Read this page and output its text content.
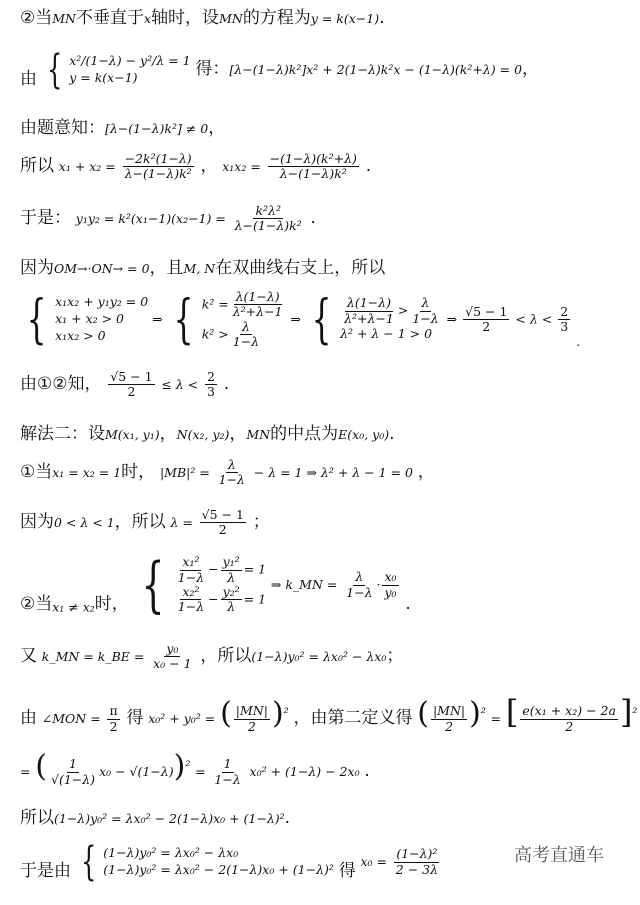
②当MN不垂直于x轴时，设MN的方程为y = k(x−1).
由 { x²/(1−λ) − y²/λ = 1
y = k(x−1)	得：[λ−(1−λ)k²]x² + 2(1−λ)k²x − (1−λ)(k²+λ) = 0，
由题意知：[λ−(1−λ)k²] ≠ 0，
所以 $x_1 + x_2 = \frac{\text{−2k²(1−λ)}}{\text{λ−(1−λ)k²}}$ ， $x_1x_2 = \frac{\text{−(1−λ)(k²+λ)}}{\text{λ−(1−λ)k²}}$ .
于是： $y_1y_2 = k^2(x_1-1)(x_2-1) = \frac{\text{k²λ²}}{\text{λ−(1−λ)k²}}$ .
因为OM→·ON→ = 0，且M, N在双曲线右支上，所以
{ x₁x₂ + y₁y₂ = 0
x₁ + x₂ > 0
x₁x₂ > 0
⇒ { $k^2 = \frac{\lambda(1-\lambda)}{\text{λ²+λ−1}}$
$k^2 > \frac{\lambda}{1-\lambda}$
⇒ { $\frac{\lambda(1-\lambda)}{\text{λ²+λ−1}} > \frac{\lambda}{1-\lambda}$
λ² + λ − 1 > 0
⇒ $\frac{√5 - 1}{2} < \lambda < \frac{2}{3}$
.
由①②知， $\frac{√5 - 1}{2} \le \lambda < \frac{2}{3}$ .
解法二：设M(x₁, y₁)，N(x₂, y₂)，MN的中点为E(x₀, y₀).
①当x₁ = x₂ = 1时， $|MB|^2 = \frac{\lambda}{1-\lambda} - \lambda = 1$ ⇒ λ² + λ − 1 = 0 ，
因为0 < λ < 1，所以 $\lambda = \frac{√5 - 1}{2}$ ；
②当x₁ ≠ x₂时， { $\frac{\text{x₁²}}{1-\lambda} - \frac{\text{y₁²}}{\lambda} = 1$
$\frac{\text{x₂²}}{1-\lambda} - \frac{\text{y₂²}}{\lambda} = 1$
⇒ k_MN = $\frac{\lambda}{1-\lambda} \cdot \frac{\text{x₀}}{\text{y₀}}$
.
又 k_MN = k_BE = $\frac{\text{y₀}}{\text{x₀ − 1}}$ ，所以(1−λ)y₀² = λx₀² − λx₀；
由 ∠MON = $\frac{\pi}{2}$ 得 x₀² + y₀² = ( $\frac{|MN|}{2} )^{^2}$ ，由第二定义得 ( $\frac{|MN|}{2} )^{^2}$ = [ $\frac{\text{e(x₁ + x₂) − 2a}}{2} ]^{^2}$
= ( $\frac{1}{√(1-\lambda)} x_0 - √(1-\lambda))^{^2} = \frac{1}{1-\lambda} x_0^2 + (1-\lambda) - 2x_0$ .
所以(1−λ)y₀² = λx₀² − 2(1−λ)x₀ + (1−λ)².
于是由 { (1−λ)y₀² = λx₀² − λx₀
(1−λ)y₀² = λx₀² − 2(1−λ)x₀ + (1−λ)² 得 $x_0 = \frac{\text{(1−λ)²}}{2 - 3\lambda}$	高考直通车
